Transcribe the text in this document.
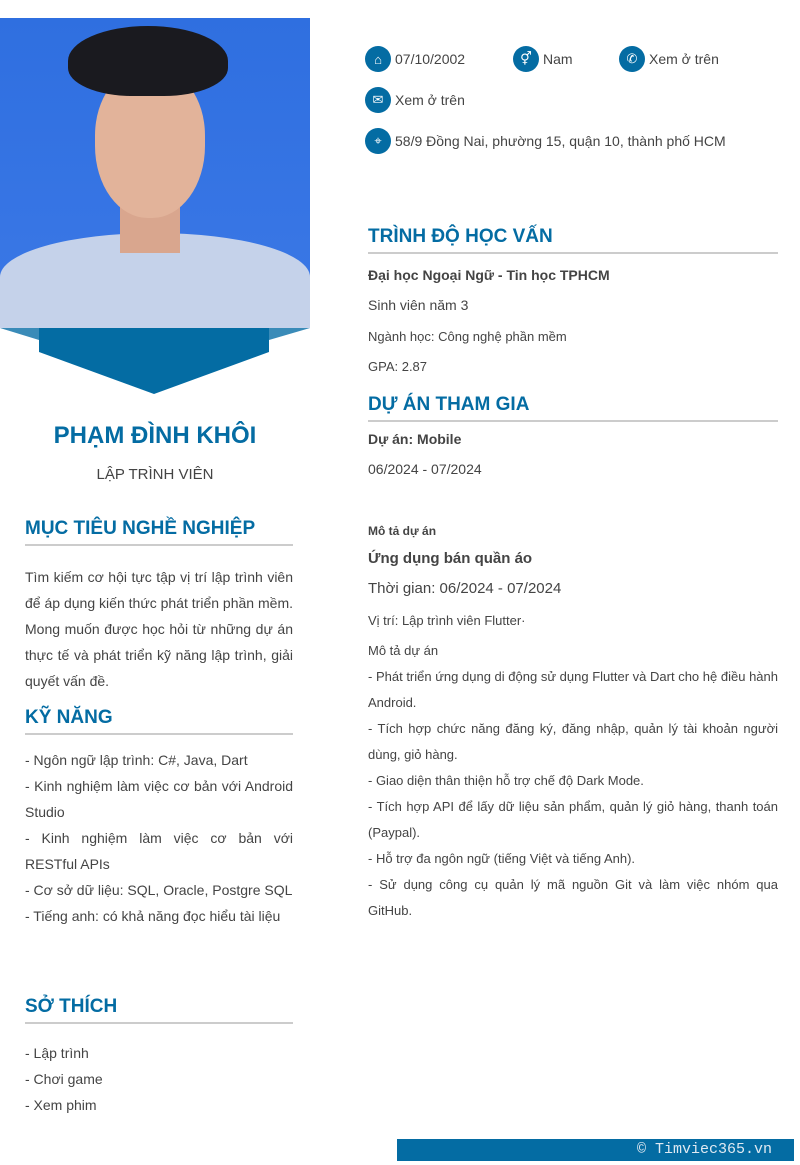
PHẠM ĐÌNH KHÔI
LẬP TRÌNH VIÊN
MỤC TIÊU NGHỀ NGHIỆP
Tìm kiếm cơ hội tực tập vị trí lập trình viên để áp dụng kiến thức phát triển phần mềm. Mong muốn được học hỏi từ những dự án thực tế và phát triển kỹ năng lập trình, giải quyết vấn đề.
KỸ NĂNG
- Ngôn ngữ lập trình: C#, Java, Dart
- Kinh nghiệm làm việc cơ bản với Android Studio
- Kinh nghiệm làm việc cơ bản với RESTful APIs
- Cơ sở dữ liệu: SQL, Oracle, Postgre SQL
- Tiếng anh: có khả năng đọc hiểu tài liệu
SỞ THÍCH
- Lập trình
- Chơi game
- Xem phim
⌂ 07/10/2002	⚥ Nam	✆ Xem ở trên
✉ Xem ở trên
⌖ 58/9 Đồng Nai, phường 15, quận 10, thành phố HCM
TRÌNH ĐỘ HỌC VẤN
Đại học Ngoại Ngữ - Tin học TPHCM
Sinh viên năm 3
Ngành học: Công nghệ phần mềm
GPA: 2.87
DỰ ÁN THAM GIA
Dự án: Mobile
06/2024 - 07/2024
Mô tả dự án
Ứng dụng bán quần áo
Thời gian: 06/2024 - 07/2024
Vị trí: Lập trình viên Flutter·
Mô tả dự án
- Phát triển ứng dụng di động sử dụng Flutter và Dart cho hệ điều hành Android.
- Tích hợp chức năng đăng ký, đăng nhập, quản lý tài khoản người dùng, giỏ hàng.
- Giao diện thân thiện hỗ trợ chế độ Dark Mode.
- Tích hợp API để lấy dữ liệu sản phẩm, quản lý giỏ hàng, thanh toán (Paypal).
- Hỗ trợ đa ngôn ngữ (tiếng Việt và tiếng Anh).
- Sử dụng công cụ quản lý mã nguồn Git và làm việc nhóm qua GitHub.
© Timviec365.vn
